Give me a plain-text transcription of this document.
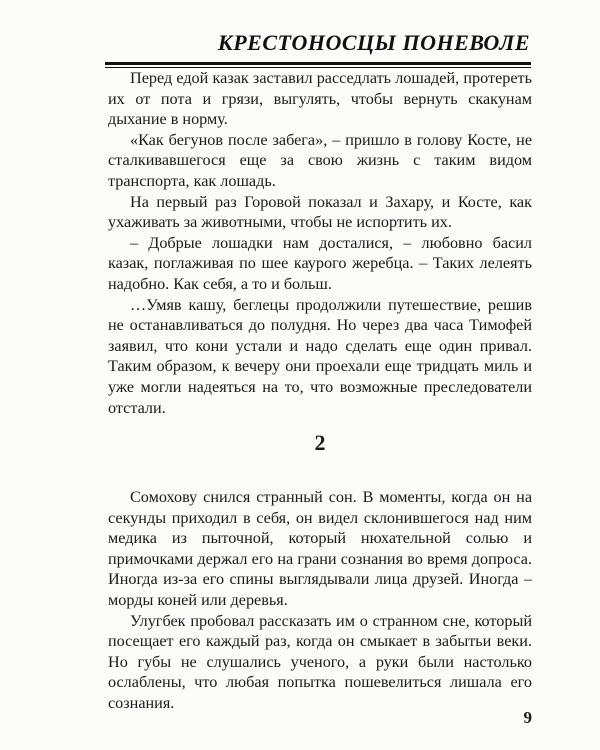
КРЕСТОНОСЦЫ ПОНЕВОЛЕ

Перед едой казак заставил расседлать лошадей, протереть их от пота и грязи, выгулять, чтобы вернуть скакунам дыхание в норму.

«Как бегунов после забега», – пришло в голову Косте, не сталкивавшегося еще за свою жизнь с таким видом транспорта, как лошадь.

На первый раз Горовой показал и Захару, и Косте, как ухаживать за животными, чтобы не испортить их.

– Добрые лошадки нам досталися, – любовно басил казак, поглаживая по шее каурого жеребца. – Таких лелеять надобно. Как себя, а то и больш.

…Умяв кашу, беглецы продолжили путешествие, решив не останавливаться до полудня. Но через два часа Тимофей заявил, что кони устали и надо сделать еще один привал. Таким образом, к вечеру они проехали еще тридцать миль и уже могли надеяться на то, что возможные преследователи отстали.

2

Сомохову снился странный сон. В моменты, когда он на секунды приходил в себя, он видел склонившегося над ним медика из пыточной, который нюхательной солью и примочками держал его на грани сознания во время допроса. Иногда из-за его спины выглядывали лица друзей. Иногда – морды коней или деревья.

Улугбек пробовал рассказать им о странном сне, который посещает его каждый раз, когда он смыкает в забытьи веки. Но губы не слушались ученого, а руки были настолько ослаблены, что любая попытка пошевелиться лишала его сознания.

9
